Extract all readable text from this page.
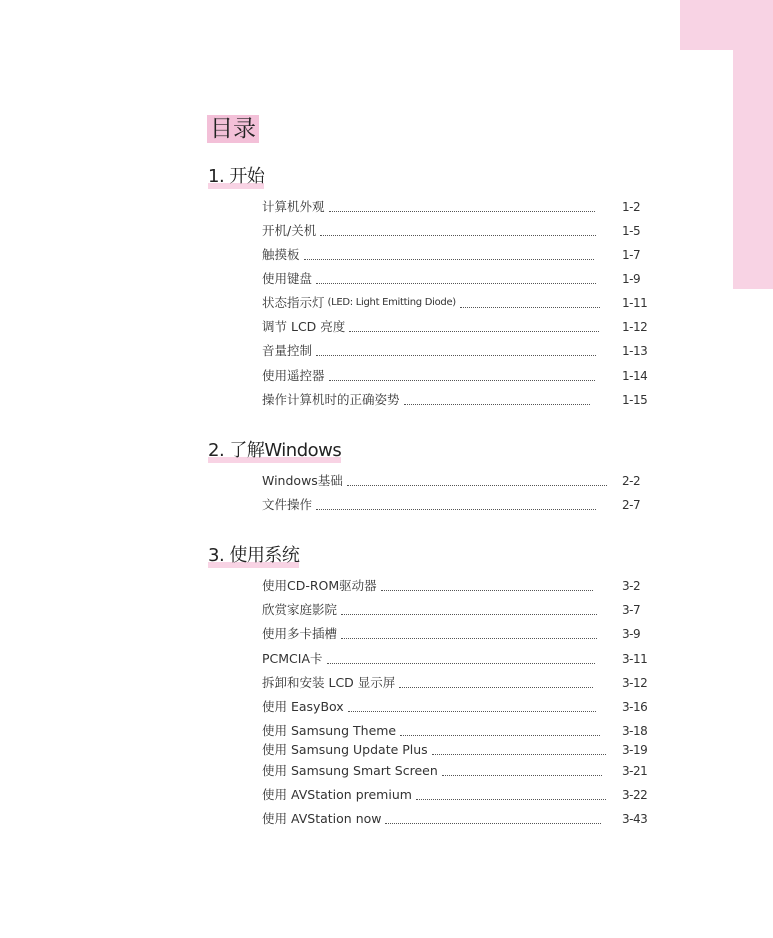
目录
1. 开始
计算机外观	1-2
开机/关机	1-5
触摸板	1-7
使用键盘	1-9
状态指示灯 (LED: Light Emitting Diode)	1-11
调节 LCD 亮度	1-12
音量控制	1-13
使用遥控器	1-14
操作计算机时的正确姿势	1-15
2. 了解Windows
Windows基础	2-2
文件操作	2-7
3. 使用系统
使用CD-ROM驱动器	3-2
欣赏家庭影院	3-7
使用多卡插槽	3-9
PCMCIA卡	3-11
拆卸和安装 LCD 显示屏	3-12
使用 EasyBox	3-16
使用 Samsung Theme	3-18
使用 Samsung Update Plus	3-19
使用 Samsung Smart Screen	3-21
使用 AVStation premium	3-22
使用 AVStation now	3-43
